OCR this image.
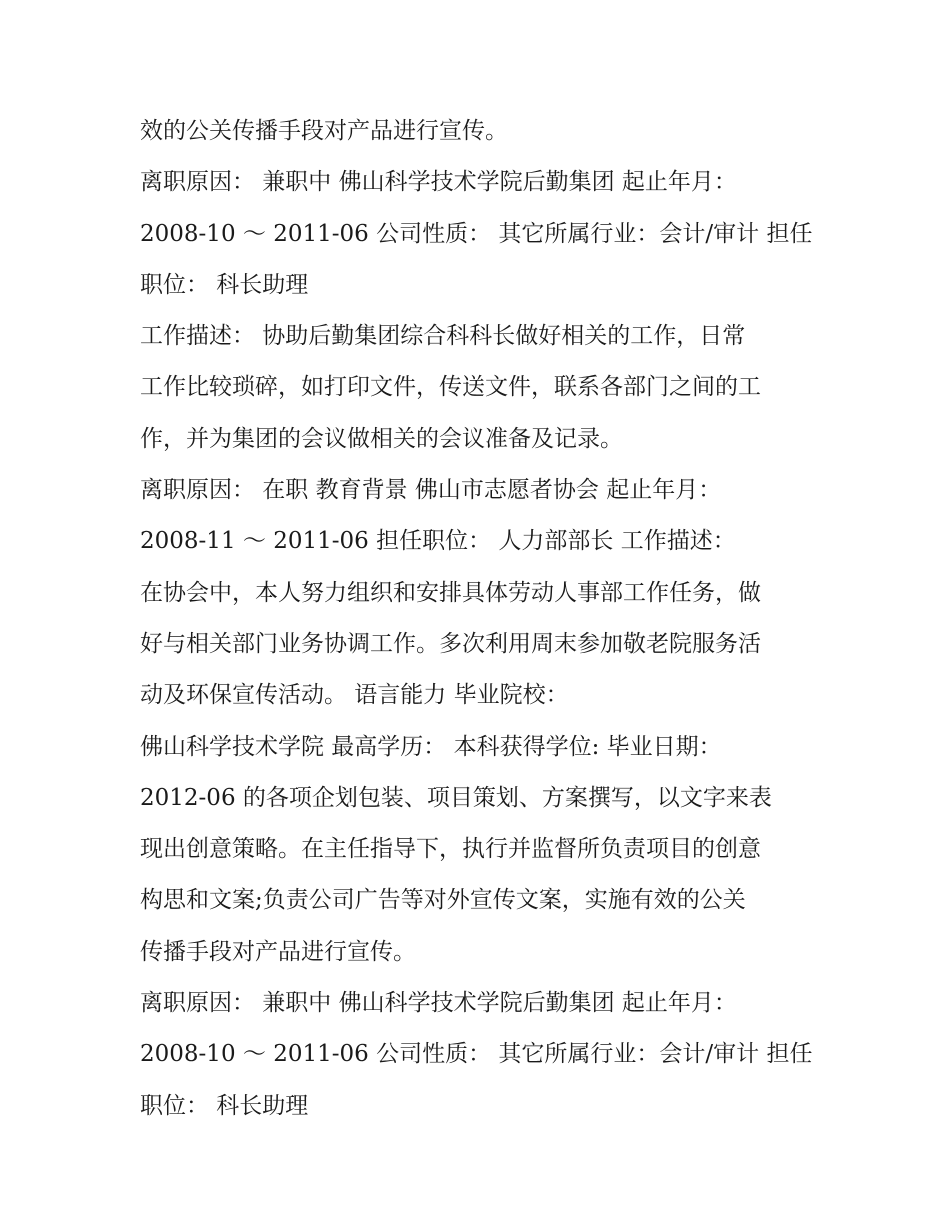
效的公关传播手段对产品进行宣传。
离职原因： 兼职中 佛山科学技术学院后勤集团 起止年月：
2008-10 ～ 2011-06 公司性质： 其它所属行业：会计/审计 担任
职位： 科长助理
工作描述： 协助后勤集团综合科科长做好相关的工作，日常
工作比较琐碎，如打印文件，传送文件，联系各部门之间的工
作，并为集团的会议做相关的会议准备及记录。
离职原因： 在职 教育背景 佛山市志愿者协会 起止年月：
2008-11 ～ 2011-06 担任职位： 人力部部长 工作描述：
在协会中，本人努力组织和安排具体劳动人事部工作任务，做
好与相关部门业务协调工作。多次利用周末参加敬老院服务活
动及环保宣传活动。 语言能力 毕业院校：
佛山科学技术学院 最高学历： 本科获得学位: 毕业日期：
2012-06 的各项企划包装、项目策划、方案撰写，以文字来表
现出创意策略。在主任指导下，执行并监督所负责项目的创意
构思和文案;负责公司广告等对外宣传文案，实施有效的公关
传播手段对产品进行宣传。
离职原因： 兼职中 佛山科学技术学院后勤集团 起止年月：
2008-10 ～ 2011-06 公司性质： 其它所属行业：会计/审计 担任
职位： 科长助理
